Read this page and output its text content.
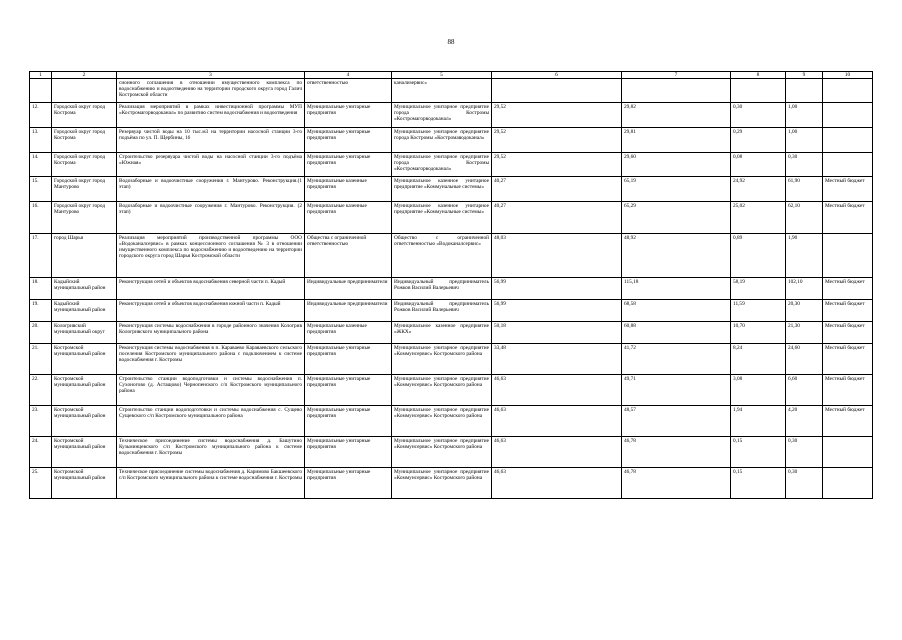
88
1	2	3	4	5	6	7	8	9	10
		сионного соглашения в отношении имущественного комплекса по водоснабжению и водоотведению на территории городского округа город Галич Костромской области	ответственностью	канализервис»					
12.	Городской округ город Кострома	Реализация мероприятий в рамках инвестиционной программы МУП «Костромагорводоканал» по развитию систем водоснабжения и водоотведения	Муниципальные унитарные предприятия	Муниципальное унитарное предприятие города Костромы «Костромагорводоканал»	29,52	29,82	0,30	1,00	
13.	Городской округ город Кострома	Резервуар чистой воды на 10 тыс.м3 на территории насосной станции 3-го подъёма по ул. П. Щербины, 16	Муниципальные унитарные предприятия	Муниципальное унитарное предприятие города Костромы «Костромаводоканал»	29,52	29,81	0,29	1,00	
14.	Городской округ город Кострома	Строительство резервуара чистой воды на насосной станции 3-го подъёма «Южная»	Муниципальные унитарные предприятия	Муниципальное унитарное предприятие города Костромы «Костромагорводоканал»	29,52	29,60	0,08	0,30	
15.	Городской округ город Мантурово	Водозаборные и водоочистные сооружения г. Мантурово. Реконструкция.(1 этап)	Муниципальные казенные предприятия	Муниципальное казенное унитарное предприятие «Коммунальные системы»	40,27	65,19	24,92	61,90	Местный бюджет
16.	Городской округ город Мантурово	Водозаборные и водоочистные сооружения г. Мантурово. Реконструкция. (2 этап)	Муниципальные казенные предприятия	Муниципальное казенное унитарное предприятие «Коммунальные системы»	40,27	65,29	25,02	62,10	Местный бюджет
17.	город Шарья	Реализация мероприятий производственной программы ООО «Водоканалсервис» в рамках концессионного соглашения № 3 в отношении имущественного комплекса по водоснабжению и водоотведению на территории городского округа город Шарья Костромской области	Общества с ограниченной ответственностью	Общество с ограниченной ответственностью «Водоканалсервис»	48,03	48,92	0,89	1,90	
18.	Кадыйский муниципальный район	Реконструкция сетей и объектов водоснабжения северной части п. Кадый	Индивидуальные предприниматели	Индивидуальный предприниматель Рожков Василий Валерьевич	56,99	115,18	58,19	102,10	Местный бюджет
19.	Кадыйский муниципальный район	Реконструкция сетей и объектов водоснабжения южной части п. Кадый	Индивидуальные предприниматели	Индивидуальный предприниматель Рожков Василий Валерьевич	56,99	68,58	11,59	20,30	Местный бюджет
20.	Кологривский муниципальный округ	Реконструкция системы водоснабжения в городе районного значения Кологрив Кологривского муниципального района	Муниципальные казенные предприятия	Муниципальное казенное предприятие «ЖКХ»	50,18	60,88	10,70	21,30	Местный бюджет
21.	Костромской муниципальный район	Реконструкция системы водоснабжения в п. Караваево Караваевского сельского поселения Костромского муниципального района с подключением к системе водоснабжения г. Костромы	Муниципальные унитарные предприятия	Муниципальное унитарное предприятие «Коммунсервис» Костромского района	33,48	41,72	8,24	24,60	Местный бюджет
22.	Костромской муниципальный район	Строительство станции водоподготовки и системы водоснабжения п. Сухоногово (д. Астащово) Чернопенского с/п Костромского муниципального района	Муниципальные унитарные предприятия	Муниципальное унитарное предприятие «Коммунсервис» Костромского района	46,63	49,71	3,08	6,60	Местный бюджет
23.	Костромской муниципальный район	Строительство станции водоподготовки и системы водоснабжения с. Сущево Сущевского с/п Костромского муниципального района	Муниципальные унитарные предприятия	Муниципальное унитарное предприятие «Коммунсервис» Костромского района	46,63	48,57	1,94	4,20	Местный бюджет
24.	Костромской муниципальный район	Техническое присоединение системы водоснабжения д. Башутино Кузьминцевского с/п Костромского муниципального района к системе водоснабжения г. Костромы	Муниципальные унитарные предприятия	Муниципальное унитарное предприятие «Коммунсервис» Костромского района	46,63	46,78	0,15	0,30	
25.	Костромской муниципальный район	Техническое присоединение системы водоснабжения д. Каримово Бакшеевского с/п Костромского муниципального района к системе водоснабжения г. Костромы	Муниципальные унитарные предприятия	Муниципальное унитарное предприятие «Коммунсервис» Костромского района	46,63	46,78	0,15	0,30	
